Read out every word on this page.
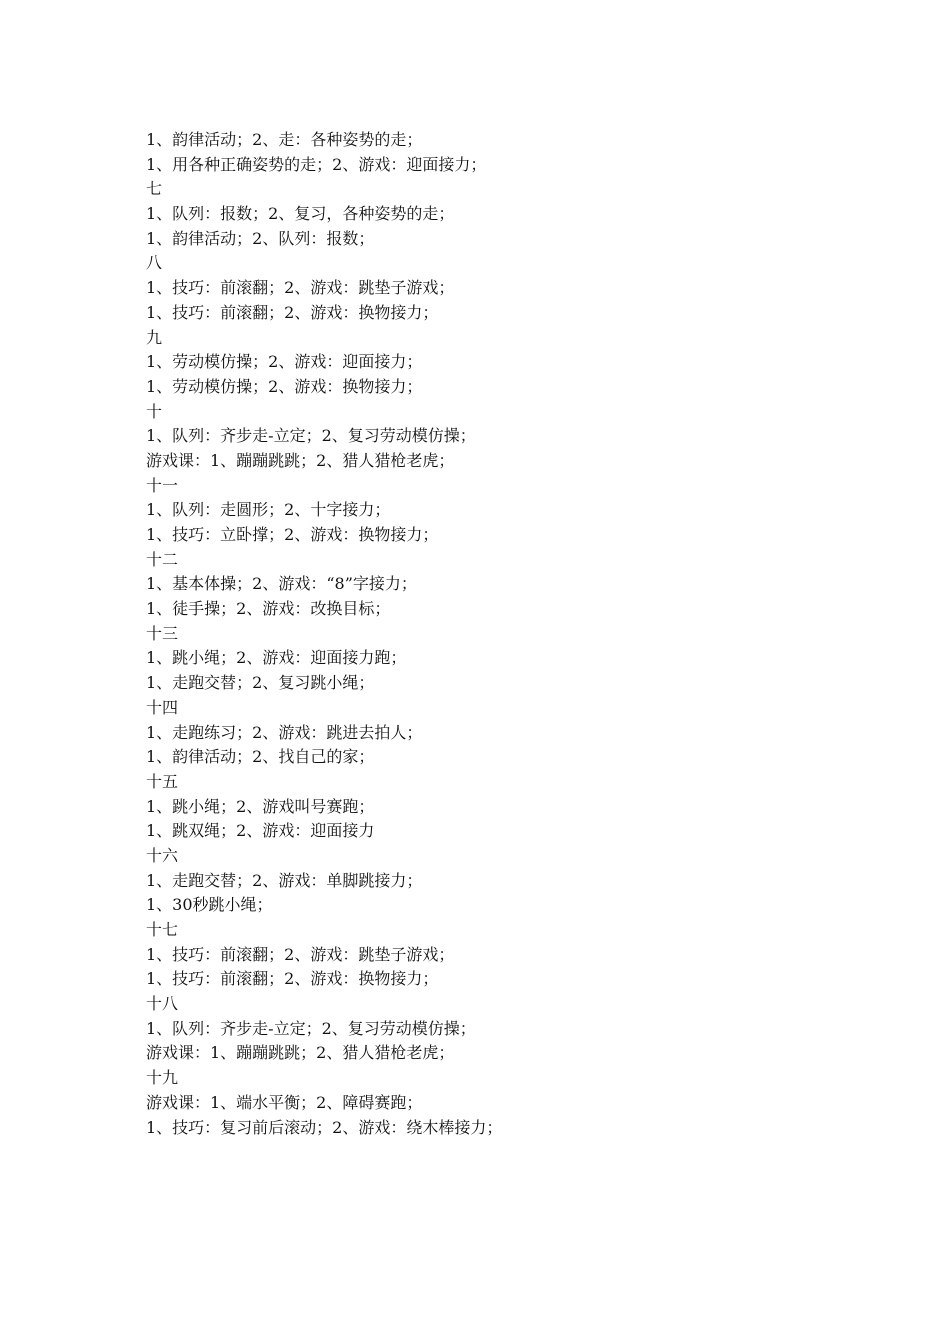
1、韵律活动；2、走：各种姿势的走；
1、用各种正确姿势的走；2、游戏：迎面接力；
七
1、队列：报数；2、复习，各种姿势的走；
1、韵律活动；2、队列：报数；
八
1、技巧：前滚翻；2、游戏：跳垫子游戏；
1、技巧：前滚翻；2、游戏：换物接力；
九
1、劳动模仿操；2、游戏：迎面接力；
1、劳动模仿操；2、游戏：换物接力；
十
1、队列：齐步走-立定；2、复习劳动模仿操；
游戏课：1、蹦蹦跳跳；2、猎人猎枪老虎；
十一
1、队列：走圆形；2、十字接力；
1、技巧：立卧撑；2、游戏：换物接力；
十二
1、基本体操；2、游戏：“8”字接力；
1、徒手操；2、游戏：改换目标；
十三
1、跳小绳；2、游戏：迎面接力跑；
1、走跑交替；2、复习跳小绳；
十四
1、走跑练习；2、游戏：跳进去拍人；
1、韵律活动；2、找自己的家；
十五
1、跳小绳；2、游戏叫号赛跑；
1、跳双绳；2、游戏：迎面接力
十六
1、走跑交替；2、游戏：单脚跳接力；
1、30秒跳小绳；
十七
1、技巧：前滚翻；2、游戏：跳垫子游戏；
1、技巧：前滚翻；2、游戏：换物接力；
十八
1、队列：齐步走-立定；2、复习劳动模仿操；
游戏课：1、蹦蹦跳跳；2、猎人猎枪老虎；
十九
游戏课：1、端水平衡；2、障碍赛跑；
1、技巧：复习前后滚动；2、游戏：绕木棒接力；
